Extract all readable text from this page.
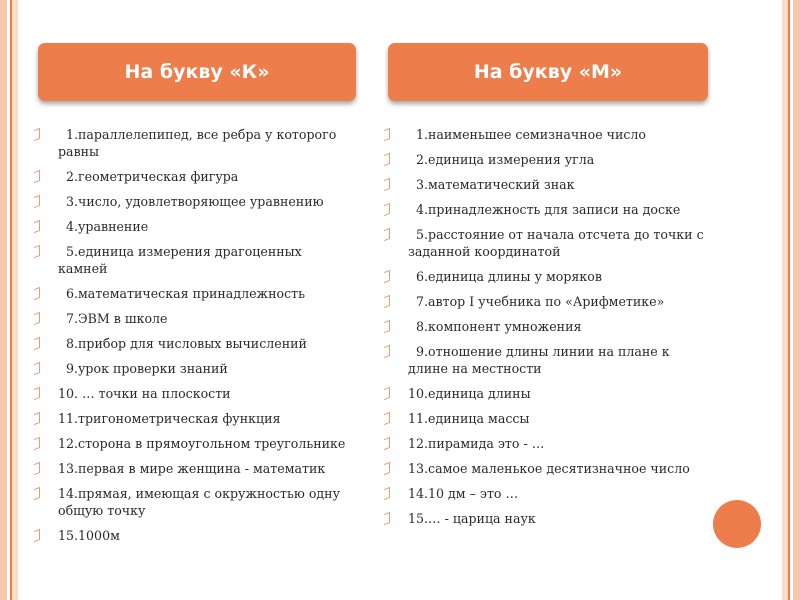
На букву «К»	На букву «М»
1.параллелепипед, все ребра у которого равны
2.геометрическая фигура
3.число, удовлетворяющее уравнению
4.уравнение
5.единица измерения драгоценных камней
6.математическая принадлежность
7.ЭВМ в школе
8.прибор для числовых вычислений
9.урок проверки знаний
10. … точки на плоскости
11.тригонометрическая функция
12.сторона в прямоугольном треугольнике
13.первая в мире женщина - математик
14.прямая, имеющая с окружностью одну общую точку
15.1000м
1.наименьшее семизначное число
2.единица измерения угла
3.математический знак
4.принадлежность для записи на доске
5.расстояние от начала отсчета до точки с заданной координатой
6.единица длины у моряков
7.автор I учебника по «Арифметике»
8.компонент умножения
9.отношение длины линии на плане к длине на местности
10.единица длины
11.единица массы
12.пирамида это - …
13.самое маленькое десятизначное число
14.10 дм – это …
15.… - царица наук
